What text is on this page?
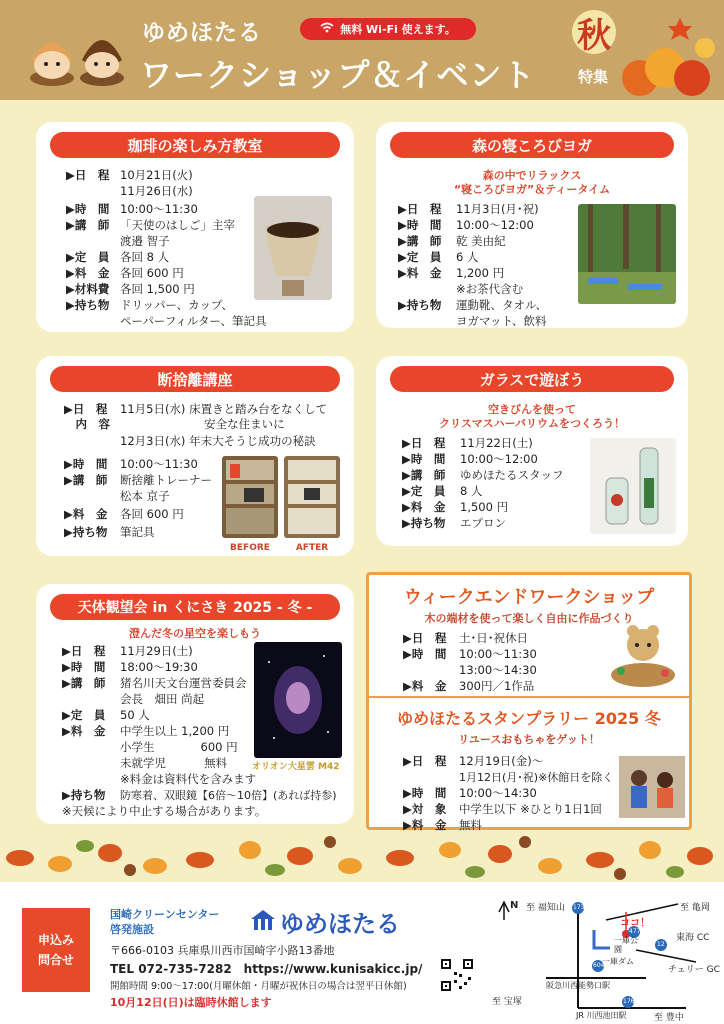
ゆめほたる
ワークショップ＆イベント
無料 Wi-Fi 使えます。	秋
特集
珈琲の楽しみ方教室
▶日　程 10月21日(火)
11月26日(水)
▶時　間 10:00～11:30
▶講　師 「天使のはしご」主宰
渡邉 智子
▶定　員 各回 8 人
▶料　金 各回 600 円
▶材料費 各回 1,500 円
▶持ち物 ドリッパー、カップ、
ペーパーフィルター、筆記具
森の寝ころびヨガ
森の中でリラックス
“寝ころびヨガ”＆ティータイム
▶日　程 11月3日(月･祝)
▶時　間 10:00～12:00
▶講　師 乾 美由紀
▶定　員 6 人
▶料　金 1,200 円
※お茶代含む
▶持ち物 運動靴、タオル、
ヨガマット、飲料
断捨離講座
▶日　程 11月5日(水) 床置きと踏み台をなくして
　内　容 　　　　　　　 安全な住まいに
12月3日(水) 年末大そうじ成功の秘訣
▶時　間 10:00～11:30
▶講　師 断捨離トレーナー
松本 京子
▶料　金 各回 600 円
▶持ち物 筆記具
BEFORE	AFTER
ガラスで遊ぼう
空きびんを使って
クリスマスハーバリウムをつくろう！
▶日　程 11月22日(土)
▶時　間 10:00～12:00
▶講　師 ゆめほたるスタッフ
▶定　員 8 人
▶料　金 1,500 円
▶持ち物 エプロン
天体観望会 in くにさき 2025 - 冬 -
澄んだ冬の星空を楽しもう
▶日　程 11月29日(土)
▶時　間 18:00～19:30
▶講　師 猪名川天文台運営委員会
会長　畑田 尚起
▶定　員 50 人
▶料　金 中学生以上 1,200 円
小学生　　　　600 円
未就学児　　　 無料
※料金は資料代を含みます
▶持ち物 防寒着、双眼鏡【6倍～10倍】(あれば持参)
※天候により中止する場合があります。
オリオン大星雲 M42
ウィークエンドワークショップ
木の端材を使って楽しく自由に作品づくり
▶日　程 土･日･祝休日
▶時　間 10:00～11:30
13:00～14:30
▶料　金 300円／1作品
ゆめほたるスタンプラリー 2025 冬
リユースおもちゃをゲット！
▶日　程 12月19日(金)～
1月12日(月･祝)※休館日を除く
▶時　間 10:00～14:30
▶対　象 中学生以下 ※ひとり1日1回
▶料　金 無料
申込み
問合せ
国崎クリーンセンター
啓発施設	ゆめほたる
〒666-0103 兵庫県川西市国崎字小路13番地
TEL 072-735-7282　https://www.kunisakicc.jp/
開館時間 9:00～17:00(月曜休館・月曜が祝休日の場合は翌平日休館)
10月12日(日)は臨時休館します
N 至 福知山	至 亀岡
ココ！
一庫公園
一庫ダム
東海 CC
チェリー GC
阪急川西能勢口駅
至 宝塚
JR 川西池田駅	至 豊中
173
604
477
12
176
